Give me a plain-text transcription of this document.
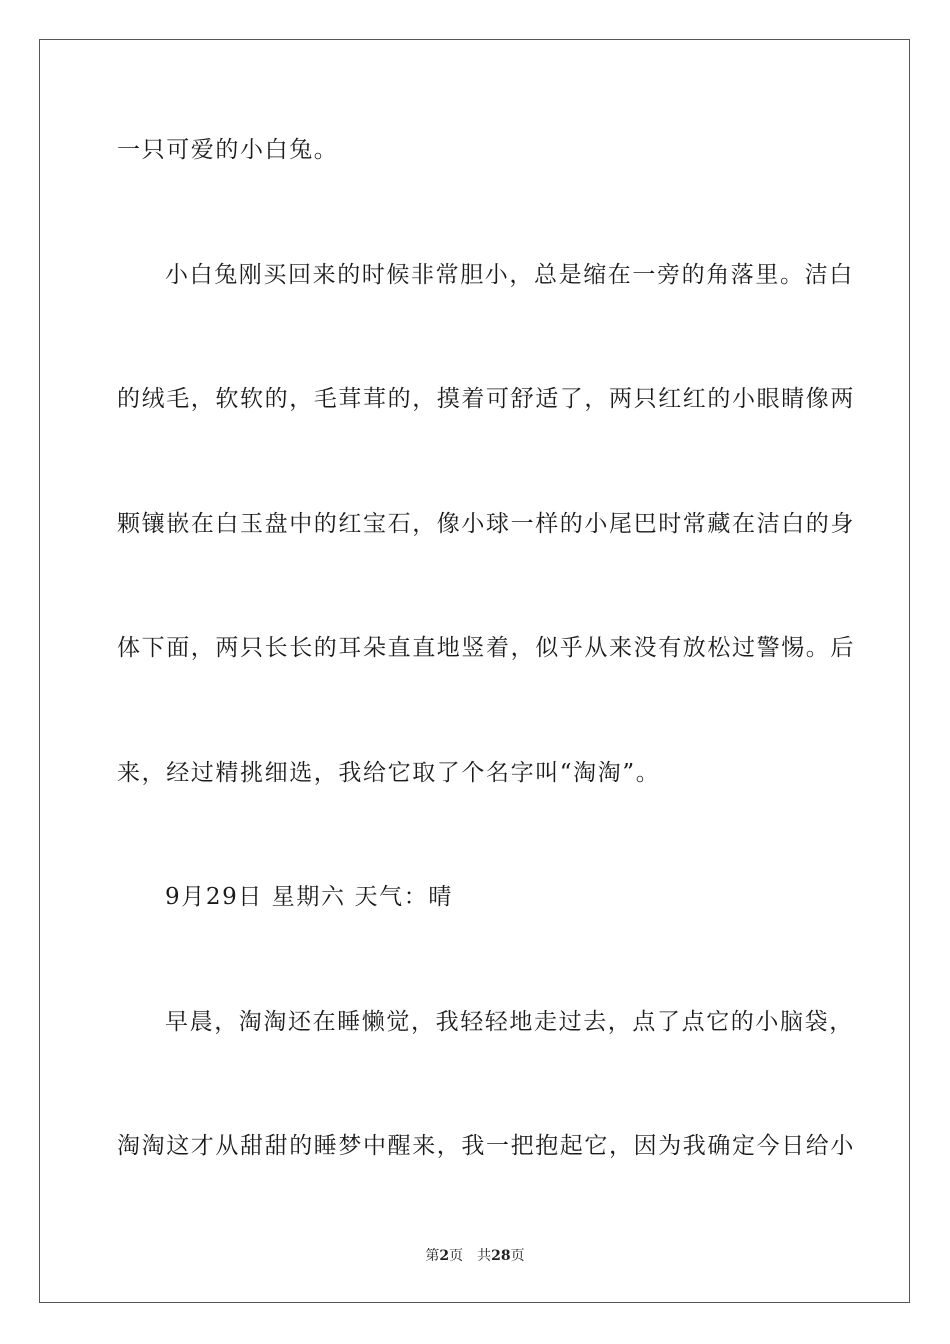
一只可爱的小白兔。
小白兔刚买回来的时候非常胆小，总是缩在一旁的角落里。洁白
的绒毛，软软的，毛茸茸的，摸着可舒适了，两只红红的小眼睛像两
颗镶嵌在白玉盘中的红宝石，像小球一样的小尾巴时常藏在洁白的身
体下面，两只长长的耳朵直直地竖着，似乎从来没有放松过警惕。后
来，经过精挑细选，我给它取了个名字叫“淘淘”。
9月29日 星期六 天气：晴
早晨，淘淘还在睡懒觉，我轻轻地走过去，点了点它的小脑袋，
淘淘这才从甜甜的睡梦中醒来，我一把抱起它，因为我确定今日给小
第2页 共28页
